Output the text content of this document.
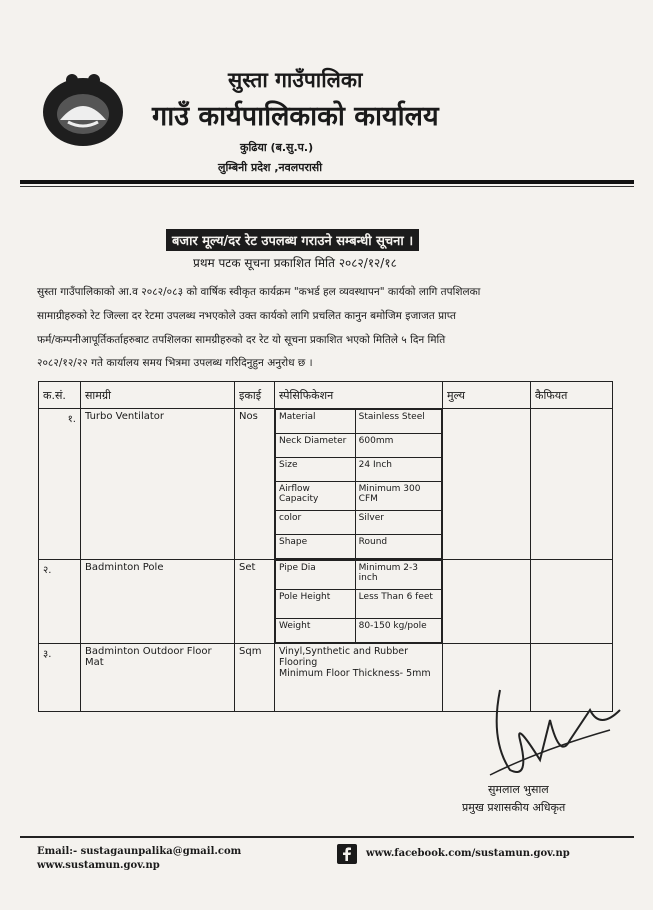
सुस्ता गाउँपालिका
गाउँ कार्यपालिकाको कार्यालय
कुढिया (ब.सु.प.)
लुम्बिनी प्रदेश ,नवलपरासी
बजार मूल्य/दर रेट उपलब्ध गराउने सम्बन्धी सूचना ।
प्रथम पटक सूचना प्रकाशित मिति २०८२/१२/१८
सुस्ता गाउँपालिकाको आ.व २०८२/०८३ को वार्षिक स्वीकृत कार्यक्रम "कभर्ड हल व्यवस्थापन" कार्यको लागि तपशिलका
सामाग्रीहरुको रेट जिल्ला दर रेटमा उपलब्ध नभएकोले उक्त कार्यको लागि प्रचलित कानुन बमोजिम इजाजत प्राप्त
फर्म/कम्पनीआपूर्तिकर्ताहरुबाट तपशिलका सामग्रीहरुको दर रेट यो सूचना प्रकाशित भएको मितिले ५ दिन मिति
२०८२/१२/२२ गते कार्यालय समय भित्रमा उपलब्ध गरिदिनुहुन अनुरोध छ ।
क.सं.	सामग्री	इकाई	स्पेसिफिकेशन	मुल्य	कैफियत
१.	Turbo Ventilator	Nos	Material	Stainless Steel
Neck Diameter	600mm
Size	24 Inch
Airflow Capacity	Minimum 300 CFM
color	Silver
Shape	Round

२.	Badminton Pole	Set		Pipe Dia	Minimum 2-3 inch
Pole Height	Less Than 6 feet
Weight	80-150 kg/pole

३.	Badminton Outdoor Floor Mat	Sqm	Vinyl,Synthetic and Rubber Flooring
Minimum Floor Thickness- 5mm

सुमलाल भुसाल
प्रमुख प्रशासकीय अधिकृत
Email:- sustagaunpalika@gmail.com
www.sustamun.gov.np
www.facebook.com/sustamun.gov.np
